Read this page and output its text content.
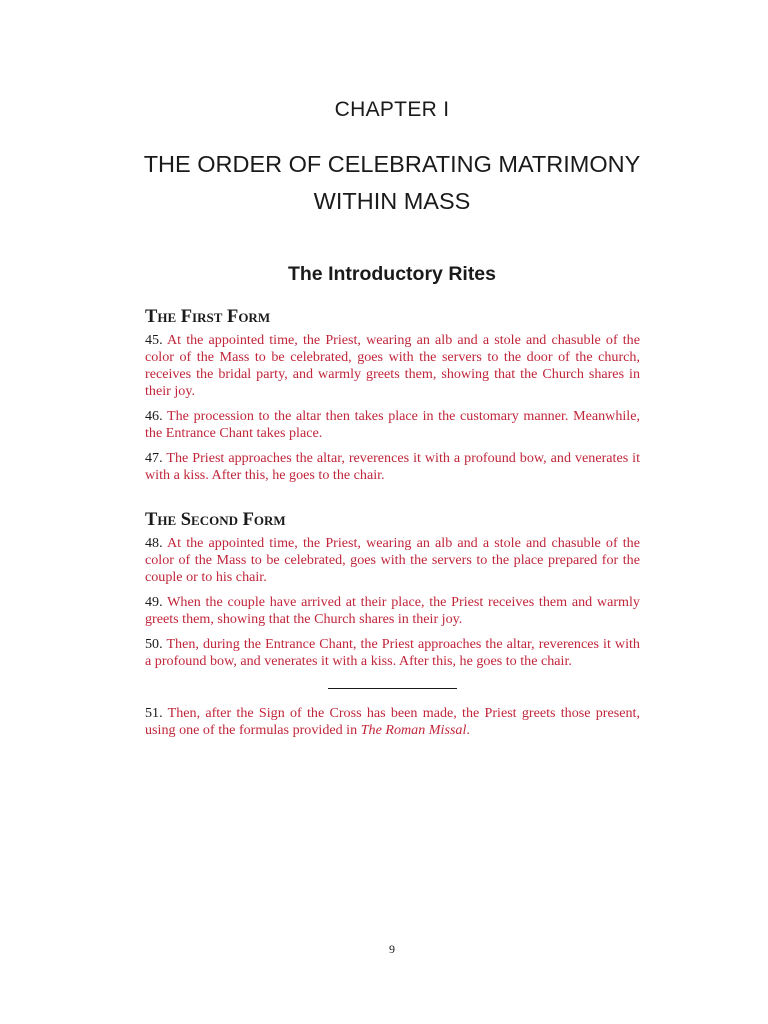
CHAPTER I
THE ORDER OF CELEBRATING MATRIMONY
WITHIN MASS
The Introductory Rites
The First Form

45. At the appointed time, the Priest, wearing an alb and a stole and chasuble of the color of the Mass to be celebrated, goes with the servers to the door of the church, receives the bridal party, and warmly greets them, showing that the Church shares in their joy.

46. The procession to the altar then takes place in the customary manner. Meanwhile, the Entrance Chant takes place.

47. The Priest approaches the altar, reverences it with a profound bow, and venerates it with a kiss. After this, he goes to the chair.

The Second Form

48. At the appointed time, the Priest, wearing an alb and a stole and chasuble of the color of the Mass to be celebrated, goes with the servers to the place prepared for the couple or to his chair.

49. When the couple have arrived at their place, the Priest receives them and warmly greets them, showing that the Church shares in their joy.

50. Then, during the Entrance Chant, the Priest approaches the altar, reverences it with a profound bow, and venerates it with a kiss. After this, he goes to the chair.

51. Then, after the Sign of the Cross has been made, the Priest greets those present, using one of the formulas provided in The Roman Missal.

9
